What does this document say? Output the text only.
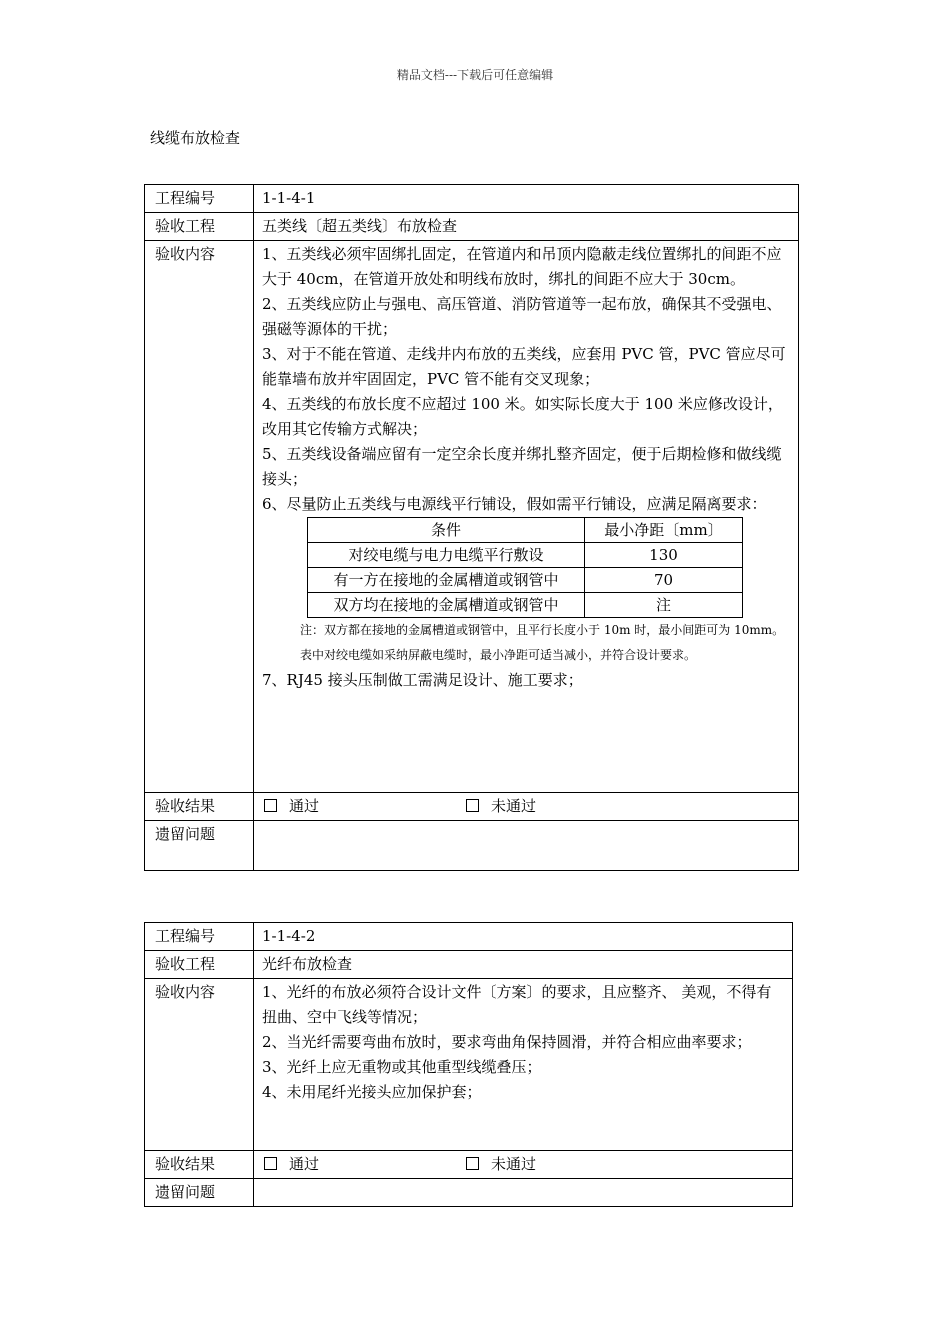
精品文档---下载后可任意编辑
线缆布放检查
工程编号	1-1-4-1
验收工程	五类线〔超五类线〕布放检查
验收内容	1、五类线必须牢固绑扎固定，在管道内和吊顶内隐蔽走线位置绑扎的间距不应大于 40cm，在管道开放处和明线布放时，绑扎的间距不应大于 30cm。

2、五类线应防止与强电、高压管道、消防管道等一起布放，确保其不受强电、强磁等源体的干扰；

3、对于不能在管道、走线井内布放的五类线，应套用 PVC 管，PVC 管应尽可能靠墙布放并牢固固定，PVC 管不能有交叉现象；

4、五类线的布放长度不应超过 100 米。如实际长度大于 100 米应修改设计，改用其它传输方式解决；

5、五类线设备端应留有一定空余长度并绑扎整齐固定，便于后期检修和做线缆接头；

6、尽量防止五类线与电源线平行铺设，假如需平行铺设，应满足隔离要求：

条件	最小净距〔mm〕
对绞电缆与电力电缆平行敷设	130
有一方在接地的金属槽道或钢管中	70
双方均在接地的金属槽道或钢管中	注

注：双方都在接地的金属槽道或钢管中，且平行长度小于 10m 时，最小间距可为 10mm。表中对绞电缆如采纳屏蔽电缆时，最小净距可适当减小，并符合设计要求。

7、RJ45 接头压制做工需满足设计、施工要求；

验收结果	通过	未通过
遗留问题	
工程编号	1-1-4-2
验收工程	光纤布放检查
验收内容	1、光纤的布放必须符合设计文件〔方案〕的要求，且应整齐、 美观，不得有扭曲、空中飞线等情况；

2、当光纤需要弯曲布放时，要求弯曲角保持圆滑，并符合相应曲率要求；

3、光纤上应无重物或其他重型线缆叠压；

4、未用尾纤光接头应加保护套；

验收结果	通过 未通过
遗留问题	
